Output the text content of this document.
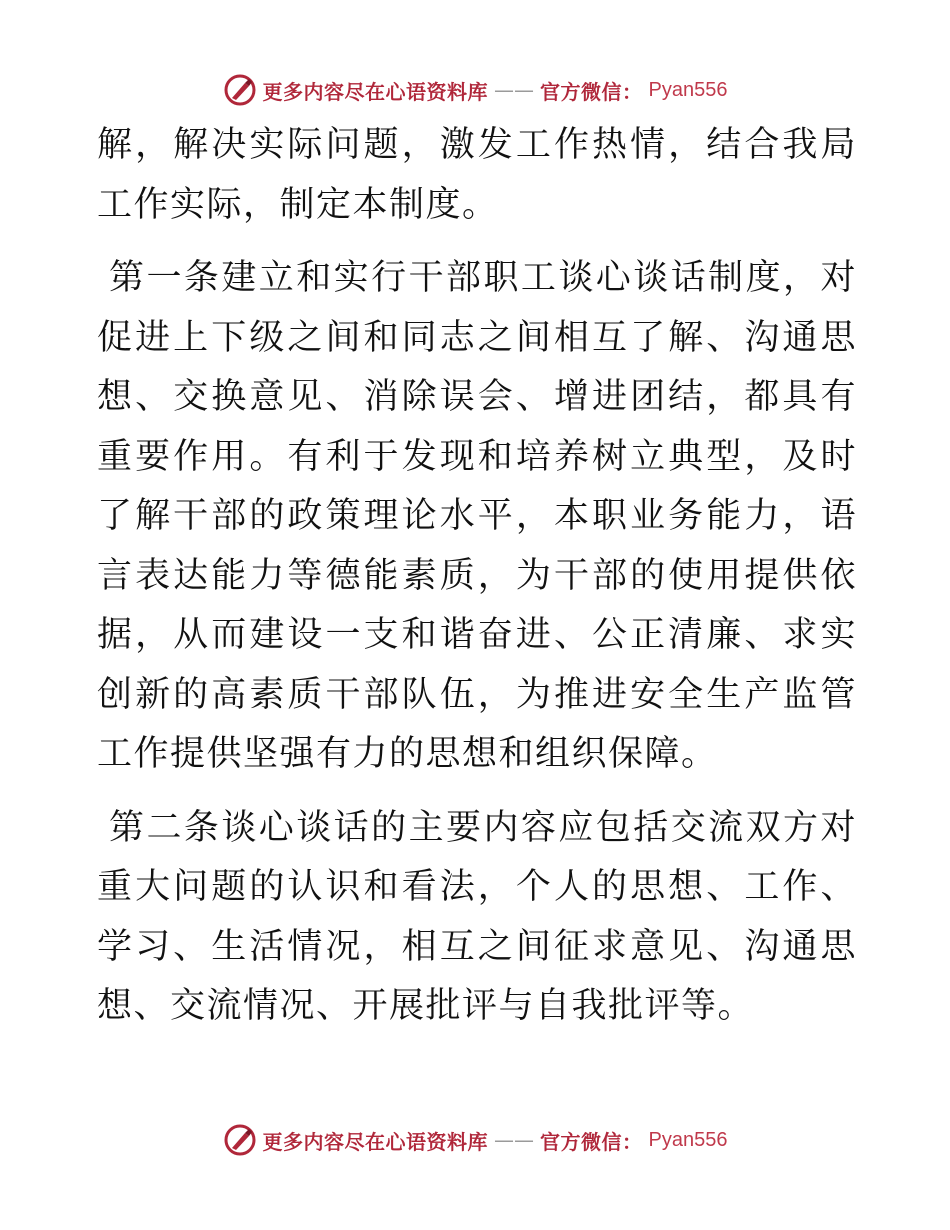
更多内容尽在心语资料库 —— 官方微信： Pyan556

解，解决实际问题，激发工作热情，结合我局工作实际，制定本制度。

第一条建立和实行干部职工谈心谈话制度，对促进上下级之间和同志之间相互了解、沟通思想、交换意见、消除误会、增进团结，都具有重要作用。有利于发现和培养树立典型，及时了解干部的政策理论水平，本职业务能力，语言表达能力等德能素质，为干部的使用提供依据，从而建设一支和谐奋进、公正清廉、求实创新的高素质干部队伍，为推进安全生产监管工作提供坚强有力的思想和组织保障。

第二条谈心谈话的主要内容应包括交流双方对重大问题的认识和看法，个人的思想、工作、学习、生活情况，相互之间征求意见、沟通思想、交流情况、开展批评与自我批评等。

更多内容尽在心语资料库 —— 官方微信： Pyan556
